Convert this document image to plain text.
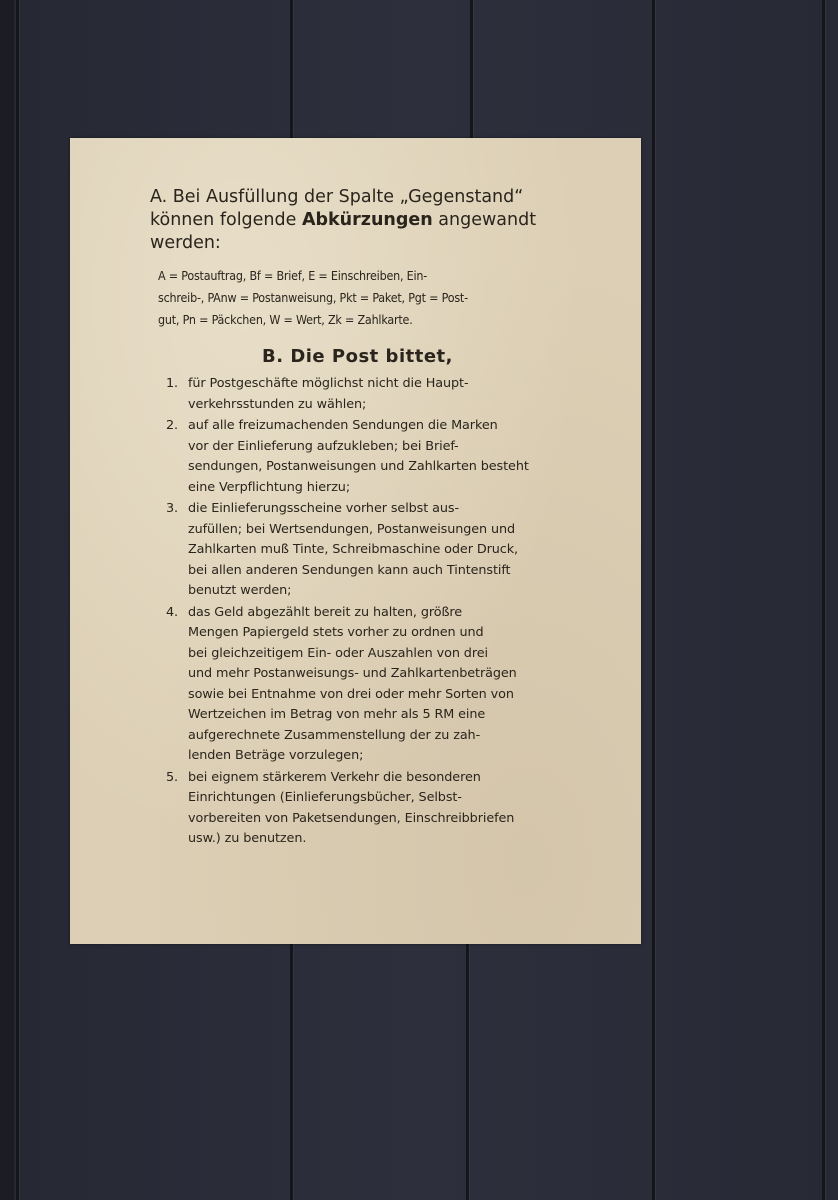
A. Bei Ausfüllung der Spalte „Gegenstand“
können folgende Abkürzungen angewandt
werden:
A = Postauftrag, Bf = Brief, E = Einschreiben, Ein-
schreib-, PAnw = Postanweisung, Pkt = Paket, Pgt = Post-
gut, Pn = Päckchen, W = Wert, Zk = Zahlkarte.
B. Die Post bittet,
1. für Postgeschäfte möglichst nicht die Haupt-
verkehrsstunden zu wählen;
2. auf alle freizumachenden Sendungen die Marken
vor der Einlieferung aufzukleben; bei Brief-
sendungen, Postanweisungen und Zahlkarten besteht
eine Verpflichtung hierzu;
3. die Einlieferungsscheine vorher selbst aus-
zufüllen; bei Wertsendungen, Postanweisungen und
Zahlkarten muß Tinte, Schreibmaschine oder Druck,
bei allen anderen Sendungen kann auch Tintenstift
benutzt werden;
4. das Geld abgezählt bereit zu halten, größre
Mengen Papiergeld stets vorher zu ordnen und
bei gleichzeitigem Ein- oder Auszahlen von drei
und mehr Postanweisungs- und Zahlkartenbeträgen
sowie bei Entnahme von drei oder mehr Sorten von
Wertzeichen im Betrag von mehr als 5 RM eine
aufgerechnete Zusammenstellung der zu zah-
lenden Beträge vorzulegen;
5. bei eignem stärkerem Verkehr die besonderen
Einrichtungen (Einlieferungsbücher, Selbst-
vorbereiten von Paketsendungen, Einschreibbriefen
usw.) zu benutzen.
